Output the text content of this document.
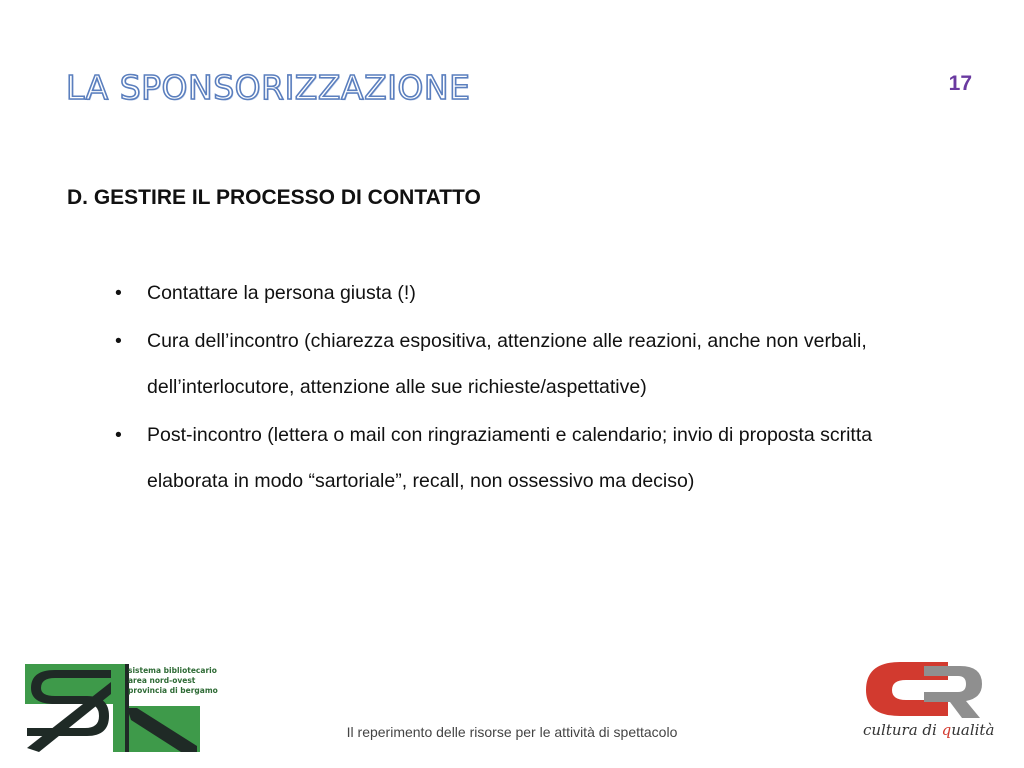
LA SPONSORIZZAZIONE	17
D. GESTIRE IL PROCESSO DI CONTATTO
• Contattare la persona giusta (!)
• Cura dell’incontro (chiarezza espositiva, attenzione alle reazioni, anche non verbali, dell’interlocutore, attenzione alle sue richieste/aspettative)
• Post-incontro (lettera o mail con ringraziamenti e calendario; invio di proposta scritta elaborata in modo “sartoriale”, recall, non ossessivo ma deciso)
sistema bibliotecario
area nord-ovest
provincia di bergamo
Il reperimento delle risorse per le attività di spettacolo	cultura di qualità
